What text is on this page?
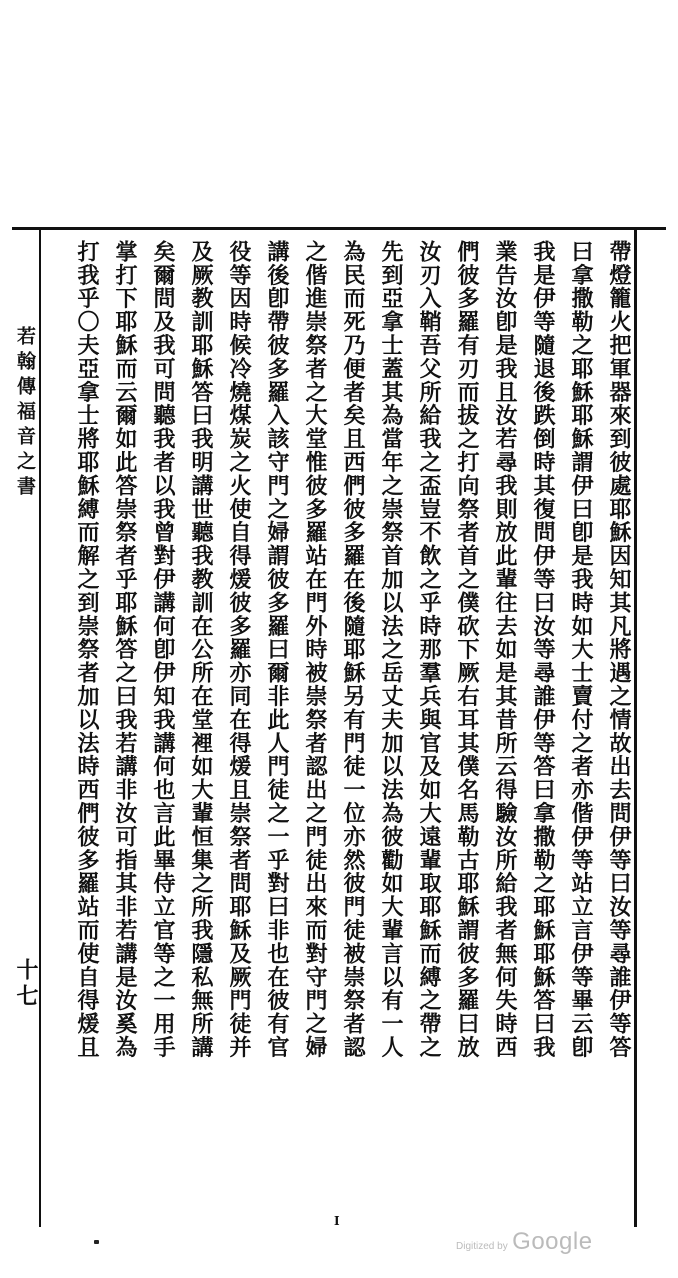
帶燈籠火把軍器來到彼處耶穌因知其凡將遇之情故出去問伊等曰汝等尋誰伊等答
曰拿撒勒之耶穌耶穌謂伊曰卽是我時如大士賣付之者亦偕伊等站立言伊等畢云卽
我是伊等隨退後跌倒時其復問伊等曰汝等尋誰伊等答曰拿撒勒之耶穌耶穌答曰我
業告汝卽是我且汝若尋我則放此輩往去如是其昔所云得驗汝所給我者無何失時西
們彼多羅有刃而拔之打向祭者首之僕砍下厥右耳其僕名馬勒古耶穌謂彼多羅曰放
汝刃入鞘吾父所給我之盃豈不飲之乎時那羣兵與官及如大遠輩取耶穌而縛之帶之
先到亞拿士蓋其為當年之崇祭首加以法之岳丈夫加以法為彼勸如大輩言以有一人
為民而死乃便者矣且西們彼多羅在後隨耶穌另有門徒一位亦然彼門徒被崇祭者認
之偕進崇祭者之大堂惟彼多羅站在門外時被崇祭者認出之門徒出來而對守門之婦
講後卽帶彼多羅入該守門之婦謂彼多羅曰爾非此人門徒之一乎對曰非也在彼有官
役等因時候冷燒煤炭之火使自得煖彼多羅亦同在得煖且崇祭者問耶穌及厥門徒并
及厥教訓耶穌答曰我明講世聽我教訓在公所在堂裡如大輩恒集之所我隱私無所講
矣爾問及我可問聽我者以我曾對伊講何卽伊知我講何也言此畢侍立官等之一用手
掌打下耶穌而云爾如此答崇祭者乎耶穌答之曰我若講非汝可指其非若講是汝奚為
打我乎〇夫亞拿士將耶穌縛而解之到崇祭者加以法時西們彼多羅站而使自得煖且
若翰傳福音之書
十七
I
Digitized by Google
